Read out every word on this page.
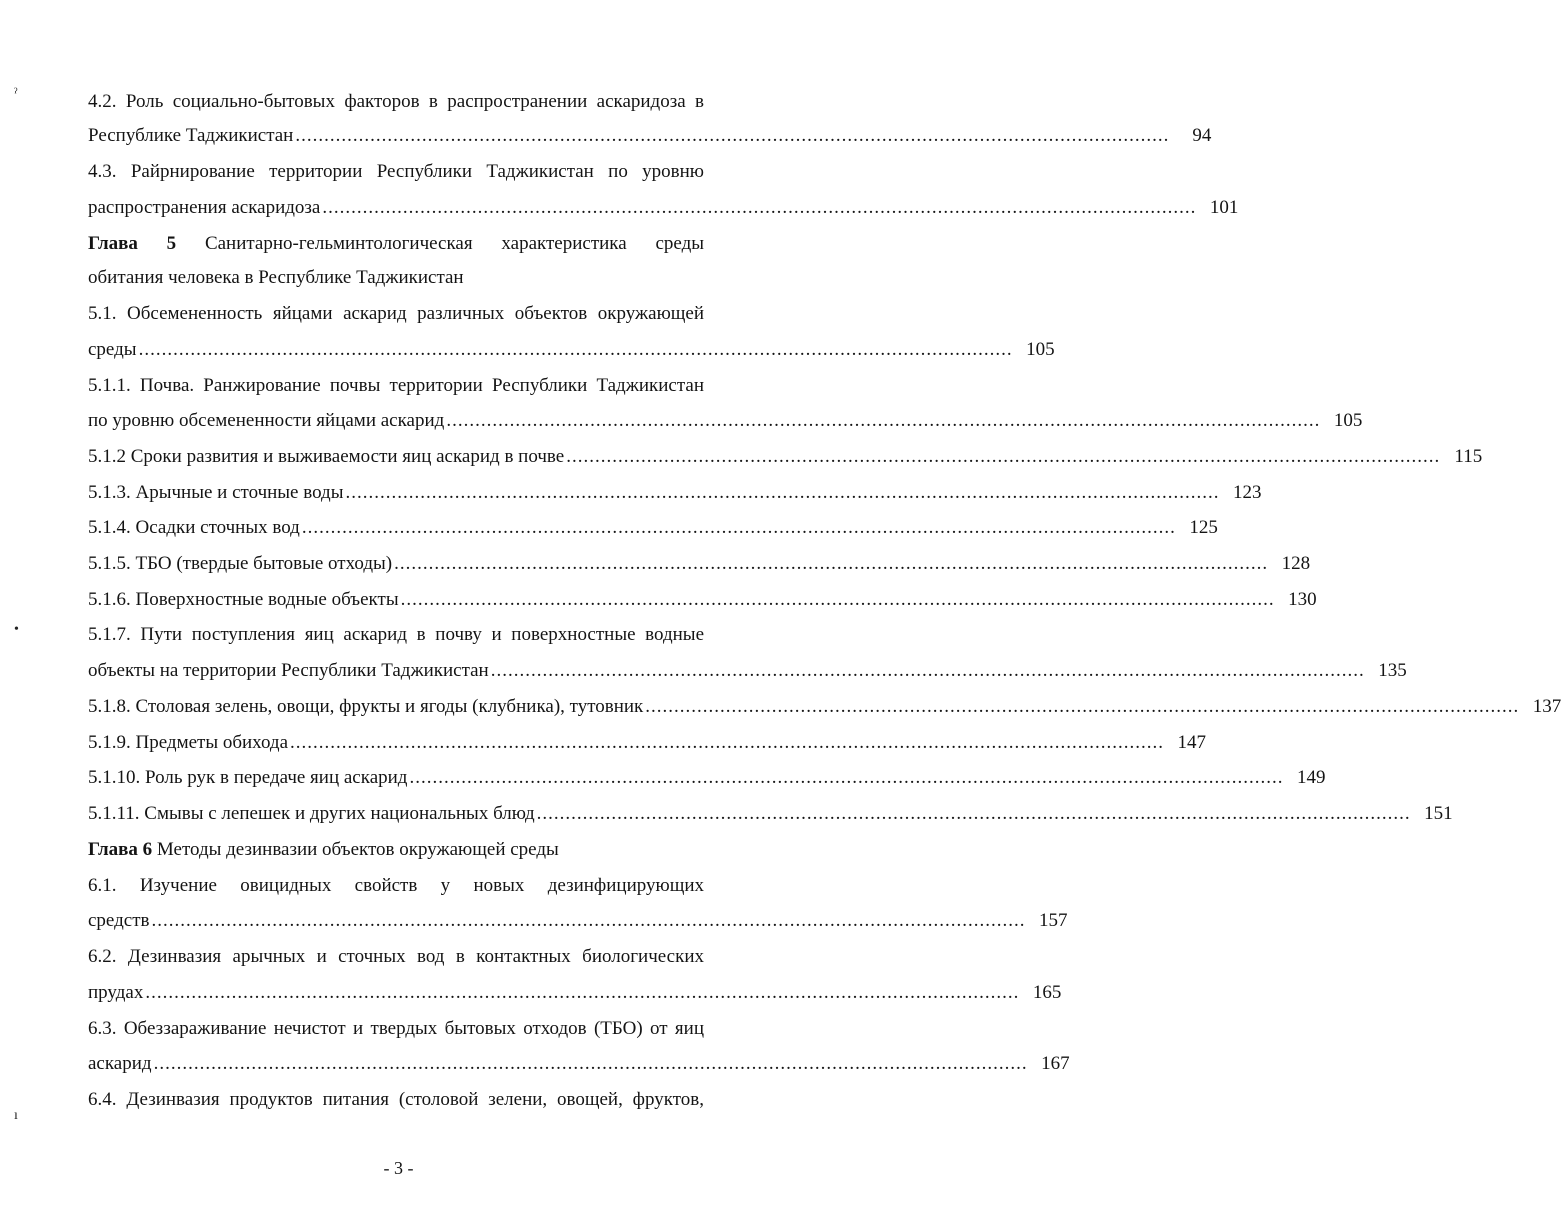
ˀ
•
ı
4.2. Роль социально-бытовых факторов в распространении аскаридоза в
Республике Таджикистан ........................................................................................................................................................	94
4.3. Райрнирование территории Республики Таджикистан по уровню
распространения аскаридоза ........................................................................................................................................................ 101
Глава 5 Санитарно-гельминтологическая характеристика среды
обитания человека в Республике Таджикистан
5.1. Обсемененность яйцами аскарид различных объектов окружающей
среды ........................................................................................................................................................ 105
5.1.1. Почва. Ранжирование почвы территории Республики Таджикистан
по уровню обсемененности яйцами аскарид ........................................................................................................................................................ 105
5.1.2 Сроки развития и выживаемости яиц аскарид в почве ........................................................................................................................................................ 115
5.1.3. Арычные и сточные воды ........................................................................................................................................................ 123
5.1.4. Осадки сточных вод ........................................................................................................................................................ 125
5.1.5. ТБО (твердые бытовые отходы) ........................................................................................................................................................ 128
5.1.6. Поверхностные водные объекты ........................................................................................................................................................ 130
5.1.7. Пути поступления яиц аскарид в почву и поверхностные водные
объекты на территории Республики Таджикистан ........................................................................................................................................................ 135
5.1.8. Столовая зелень, овощи, фрукты и ягоды (клубника), тутовник ........................................................................................................................................................ 137
5.1.9. Предметы обихода ........................................................................................................................................................ 147
5.1.10. Роль рук в передаче яиц аскарид ........................................................................................................................................................ 149
5.1.11. Смывы с лепешек и других национальных блюд ........................................................................................................................................................ 151
Глава 6 Методы дезинвазии объектов окружающей среды
6.1. Изучение овицидных свойств у новых дезинфицирующих
средств ........................................................................................................................................................ 157
6.2. Дезинвазия арычных и сточных вод в контактных биологических
прудах ........................................................................................................................................................ 165
6.3. Обеззараживание нечистот и твердых бытовых отходов (ТБО) от яиц
аскарид ........................................................................................................................................................ 167
6.4. Дезинвазия продуктов питания (столовой зелени, овощей, фруктов,
- 3 -
